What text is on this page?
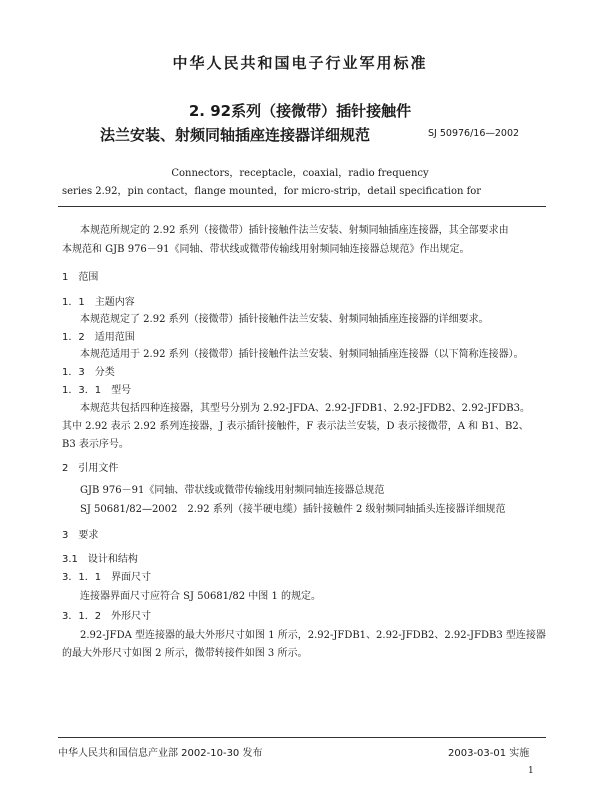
中华人民共和国电子行业军用标准
2. 92系列（接微带）插针接触件
法兰安装、射频同轴插座连接器详细规范	SJ 50976/16—2002
Connectors，receptacle，coaxial，radio frequency
series 2.92，pin contact，flange mounted，for micro-strip，detail specification for
本规范所规定的 2.92 系列（接微带）插针接触件法兰安装、射频同轴插座连接器，其全部要求由
本规范和 GJB 976－91《同轴、带状线或微带传输线用射频同轴连接器总规范》作出规定。
1　范围
1．1　主题内容
本规范规定了 2.92 系列（接微带）插针接触件法兰安装、射频同轴插座连接器的详细要求。
1．2　适用范围
本规范适用于 2.92 系列（接微带）插针接触件法兰安装、射频同轴插座连接器（以下简称连接器）。
1．3　分类
1．3．1　型号
本规范共包括四种连接器，其型号分别为 2.92-JFDA、2.92-JFDB1、2.92-JFDB2、2.92-JFDB3。
其中 2.92 表示 2.92 系列连接器，J 表示插针接触件，F 表示法兰安装，D 表示接微带，A 和 B1、B2、
B3 表示序号。
2　引用文件
GJB 976－91《同轴、带状线或微带传输线用射频同轴连接器总规范
SJ 50681/82—2002　2.92 系列（接半硬电缆）插针接触件 2 级射频同轴插头连接器详细规范
3　要求
3.1　设计和结构
3．1．1　界面尺寸
连接器界面尺寸应符合 SJ 50681/82 中图 1 的规定。
3．1．2　外形尺寸
2.92-JFDA 型连接器的最大外形尺寸如图 1 所示，2.92-JFDB1、2.92-JFDB2、2.92-JFDB3 型连接器
的最大外形尺寸如图 2 所示，微带转接件如图 3 所示。
中华人民共和国信息产业部 2002-10-30 发布	2003-03-01 实施
1
